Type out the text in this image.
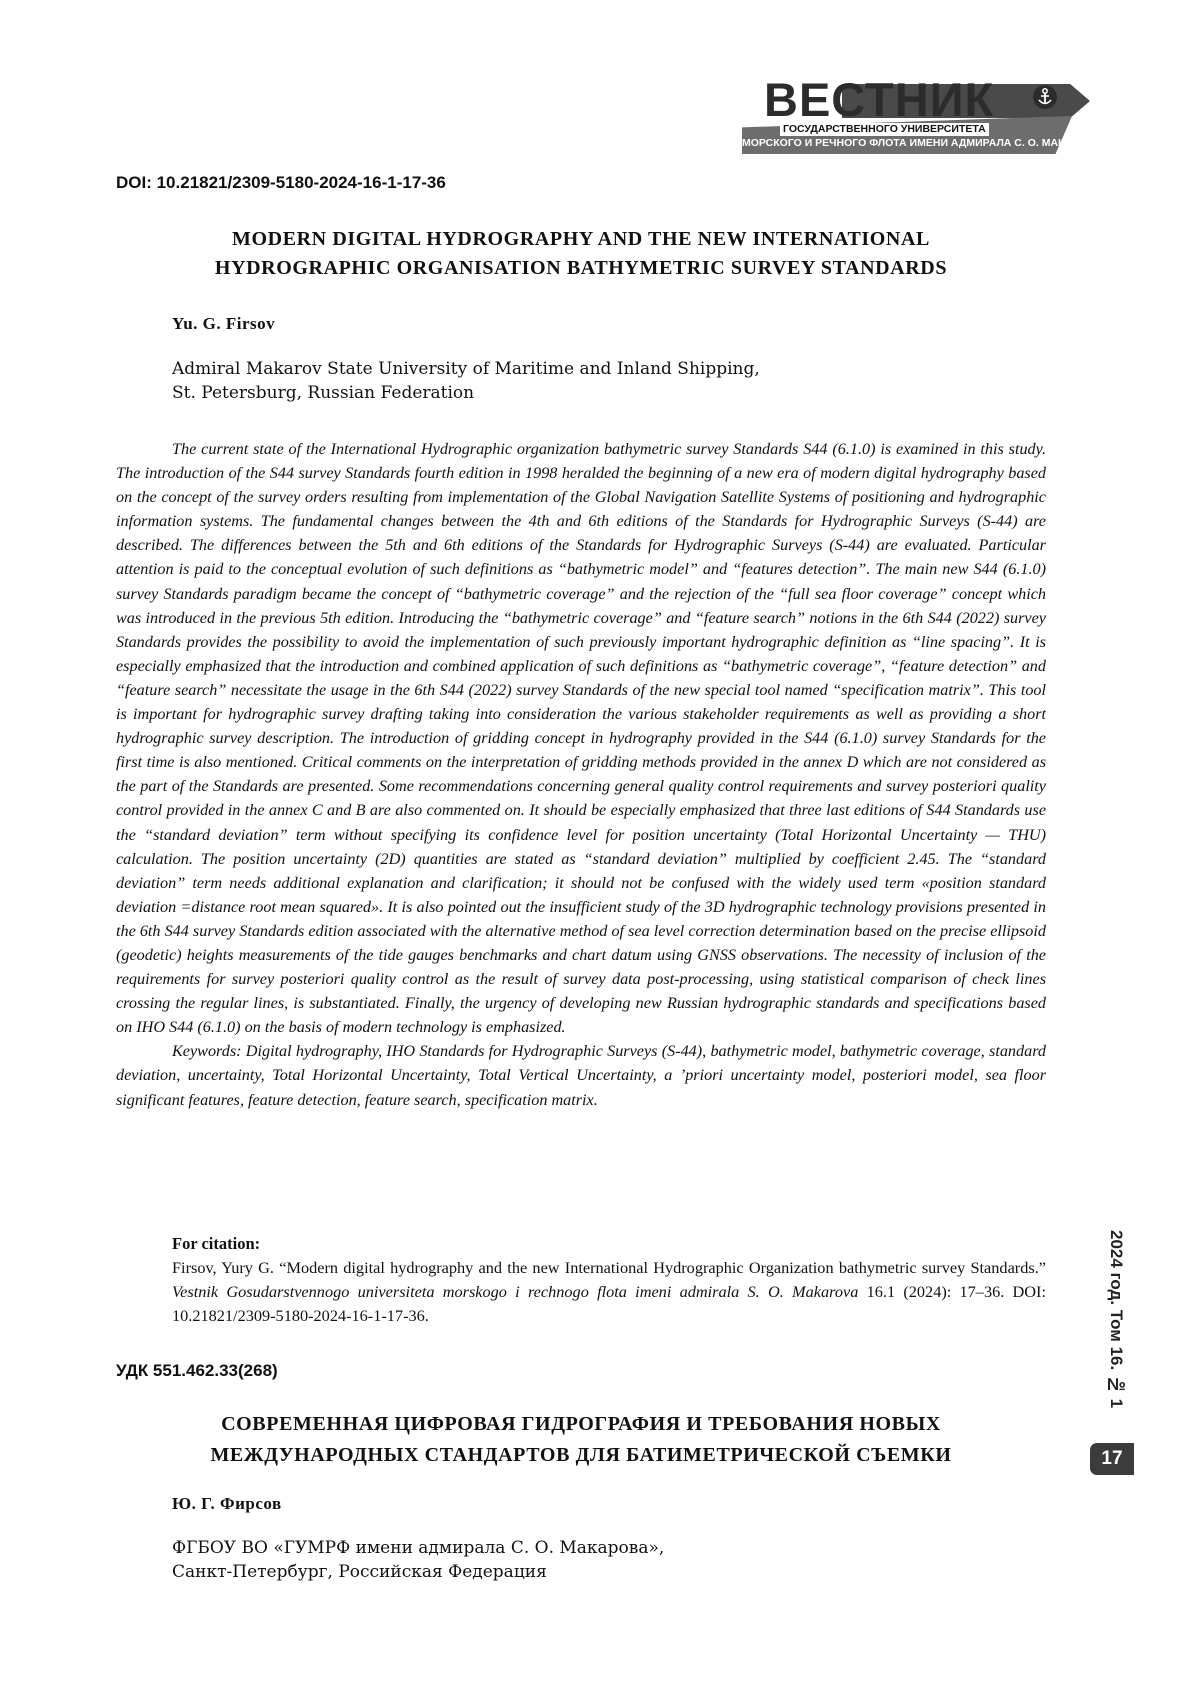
ВЕСТНИК
ГОСУДАРСТВЕННОГО УНИВЕРСИТЕТА
МОРСКОГО И РЕЧНОГО ФЛОТА ИМЕНИ АДМИРАЛА С. О. МАКАРОВА
DOI: 10.21821/2309-5180-2024-16-1-17-36
MODERN DIGITAL HYDROGRAPHY AND THE NEW INTERNATIONAL
HYDROGRAPHIC ORGANISATION BATHYMETRIC SURVEY STANDARDS
Yu. G. Firsov
Admiral Makarov State University of Maritime and Inland Shipping,
St. Petersburg, Russian Federation

The current state of the International Hydrographic organization bathymetric survey Standards S44 (6.1.0) is examined in this study. The introduction of the S44 survey Standards fourth edition in 1998 heralded the beginning of a new era of modern digital hydrography based on the concept of the survey orders resulting from implementation of the Global Navigation Satellite Systems of positioning and hydrographic information systems. The fundamental changes between the 4th and 6th editions of the Standards for Hydrographic Surveys (S-44) are described. The differences between the 5th and 6th editions of the Standards for Hydrographic Surveys (S-44) are evaluated. Particular attention is paid to the conceptual evolution of such definitions as “bathymetric model” and “features detection”. The main new S44 (6.1.0) survey Standards paradigm became the concept of “bathymetric coverage” and the rejection of the “full sea floor coverage” concept which was introduced in the previous 5th edition. Introducing the “bathymetric coverage” and “feature search” notions in the 6th S44 (2022) survey Standards provides the possibility to avoid the implementation of such previously important hydrographic definition as “line spacing”. It is especially emphasized that the introduction and combined application of such definitions as “bathymetric coverage”, “feature detection” and “feature search” necessitate the usage in the 6th S44 (2022) survey Standards of the new special tool named “specification matrix”. This tool is important for hydrographic survey drafting taking into consideration the various stakeholder requirements as well as providing a short hydrographic survey description. The introduction of gridding concept in hydrography provided in the S44 (6.1.0) survey Standards for the first time is also mentioned. Critical comments on the interpretation of gridding methods provided in the annex D which are not considered as the part of the Standards are presented. Some recommendations concerning general quality control requirements and survey posteriori quality control provided in the annex C and B are also commented on. It should be especially emphasized that three last editions of S44 Standards use the “standard deviation” term without specifying its confidence level for position uncertainty (Total Horizontal Uncertainty — THU) calculation. The position uncertainty (2D) quantities are stated as “standard deviation” multiplied by coefficient 2.45. The “standard deviation” term needs additional explanation and clarification; it should not be confused with the widely used term «position standard deviation =distance root mean squared». It is also pointed out the insufficient study of the 3D hydrographic technology provisions presented in the 6th S44 survey Standards edition associated with the alternative method of sea level correction determination based on the precise ellipsoid (geodetic) heights measurements of the tide gauges benchmarks and chart datum using GNSS observations. The necessity of inclusion of the requirements for survey posteriori quality control as the result of survey data post-processing, using statistical comparison of check lines crossing the regular lines, is substantiated. Finally, the urgency of developing new Russian hydrographic standards and specifications based on IHO S44 (6.1.0) on the basis of modern technology is emphasized.

Keywords: Digital hydrography, IHO Standards for Hydrographic Surveys (S-44), bathymetric model, bathymetric coverage, standard deviation, uncertainty, Total Horizontal Uncertainty, Total Vertical Uncertainty, a ’priori uncertainty model, posteriori model, sea floor significant features, feature detection, feature search, specification matrix.

For citation:
Firsov, Yury G. “Modern digital hydrography and the new International Hydrographic Organization bathymetric survey Standards.” Vestnik Gosudarstvennogo universiteta morskogo i rechnogo flota imeni admirala S. O. Makarova 16.1 (2024): 17–36. DOI: 10.21821/2309-5180-2024-16-1-17-36.
УДК 551.462.33(268)
СОВРЕМЕННАЯ ЦИФРОВАЯ ГИДРОГРАФИЯ И ТРЕБОВАНИЯ НОВЫХ
МЕЖДУНАРОДНЫХ СТАНДАРТОВ ДЛЯ БАТИМЕТРИЧЕСКОЙ СЪЕМКИ
Ю. Г. Фирсов
ФГБОУ ВО «ГУМРФ имени адмирала С. О. Макарова»,
Санкт-Петербург, Российская Федерация
2024 год. Том 16. № 1
17
